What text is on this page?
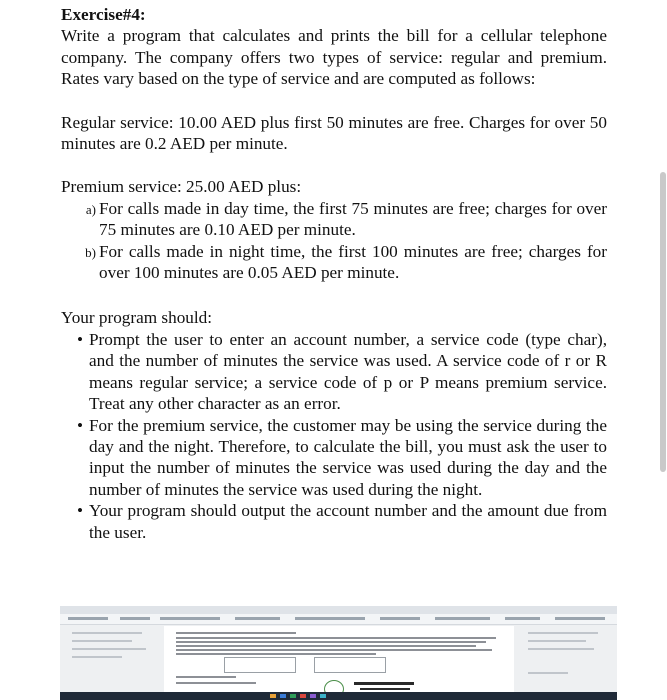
Exercise#4:

Write a program that calculates and prints the bill for a cellular telephone company. The company offers two types of service: regular and premium. Rates vary based on the type of service and are computed as follows:

Regular service: 10.00 AED plus first 50 minutes are free. Charges for over 50 minutes are 0.2 AED per minute.

Premium service: 25.00 AED plus:

a) For calls made in day time, the first 75 minutes are free; charges for over 75 minutes are 0.10 AED per minute.
b) For calls made in night time, the first 100 minutes are free; charges for over 100 minutes are 0.05 AED per minute.

Your program should:

• Prompt the user to enter an account number, a service code (type char), and the number of minutes the service was used. A service code of r or R means regular service; a service code of p or P means premium service. Treat any other character as an error.
• For the premium service, the customer may be using the service during the day and the night. Therefore, to calculate the bill, you must ask the user to input the number of minutes the service was used during the day and the number of minutes the service was used during the night.
• Your program should output the account number and the amount due from the user.
